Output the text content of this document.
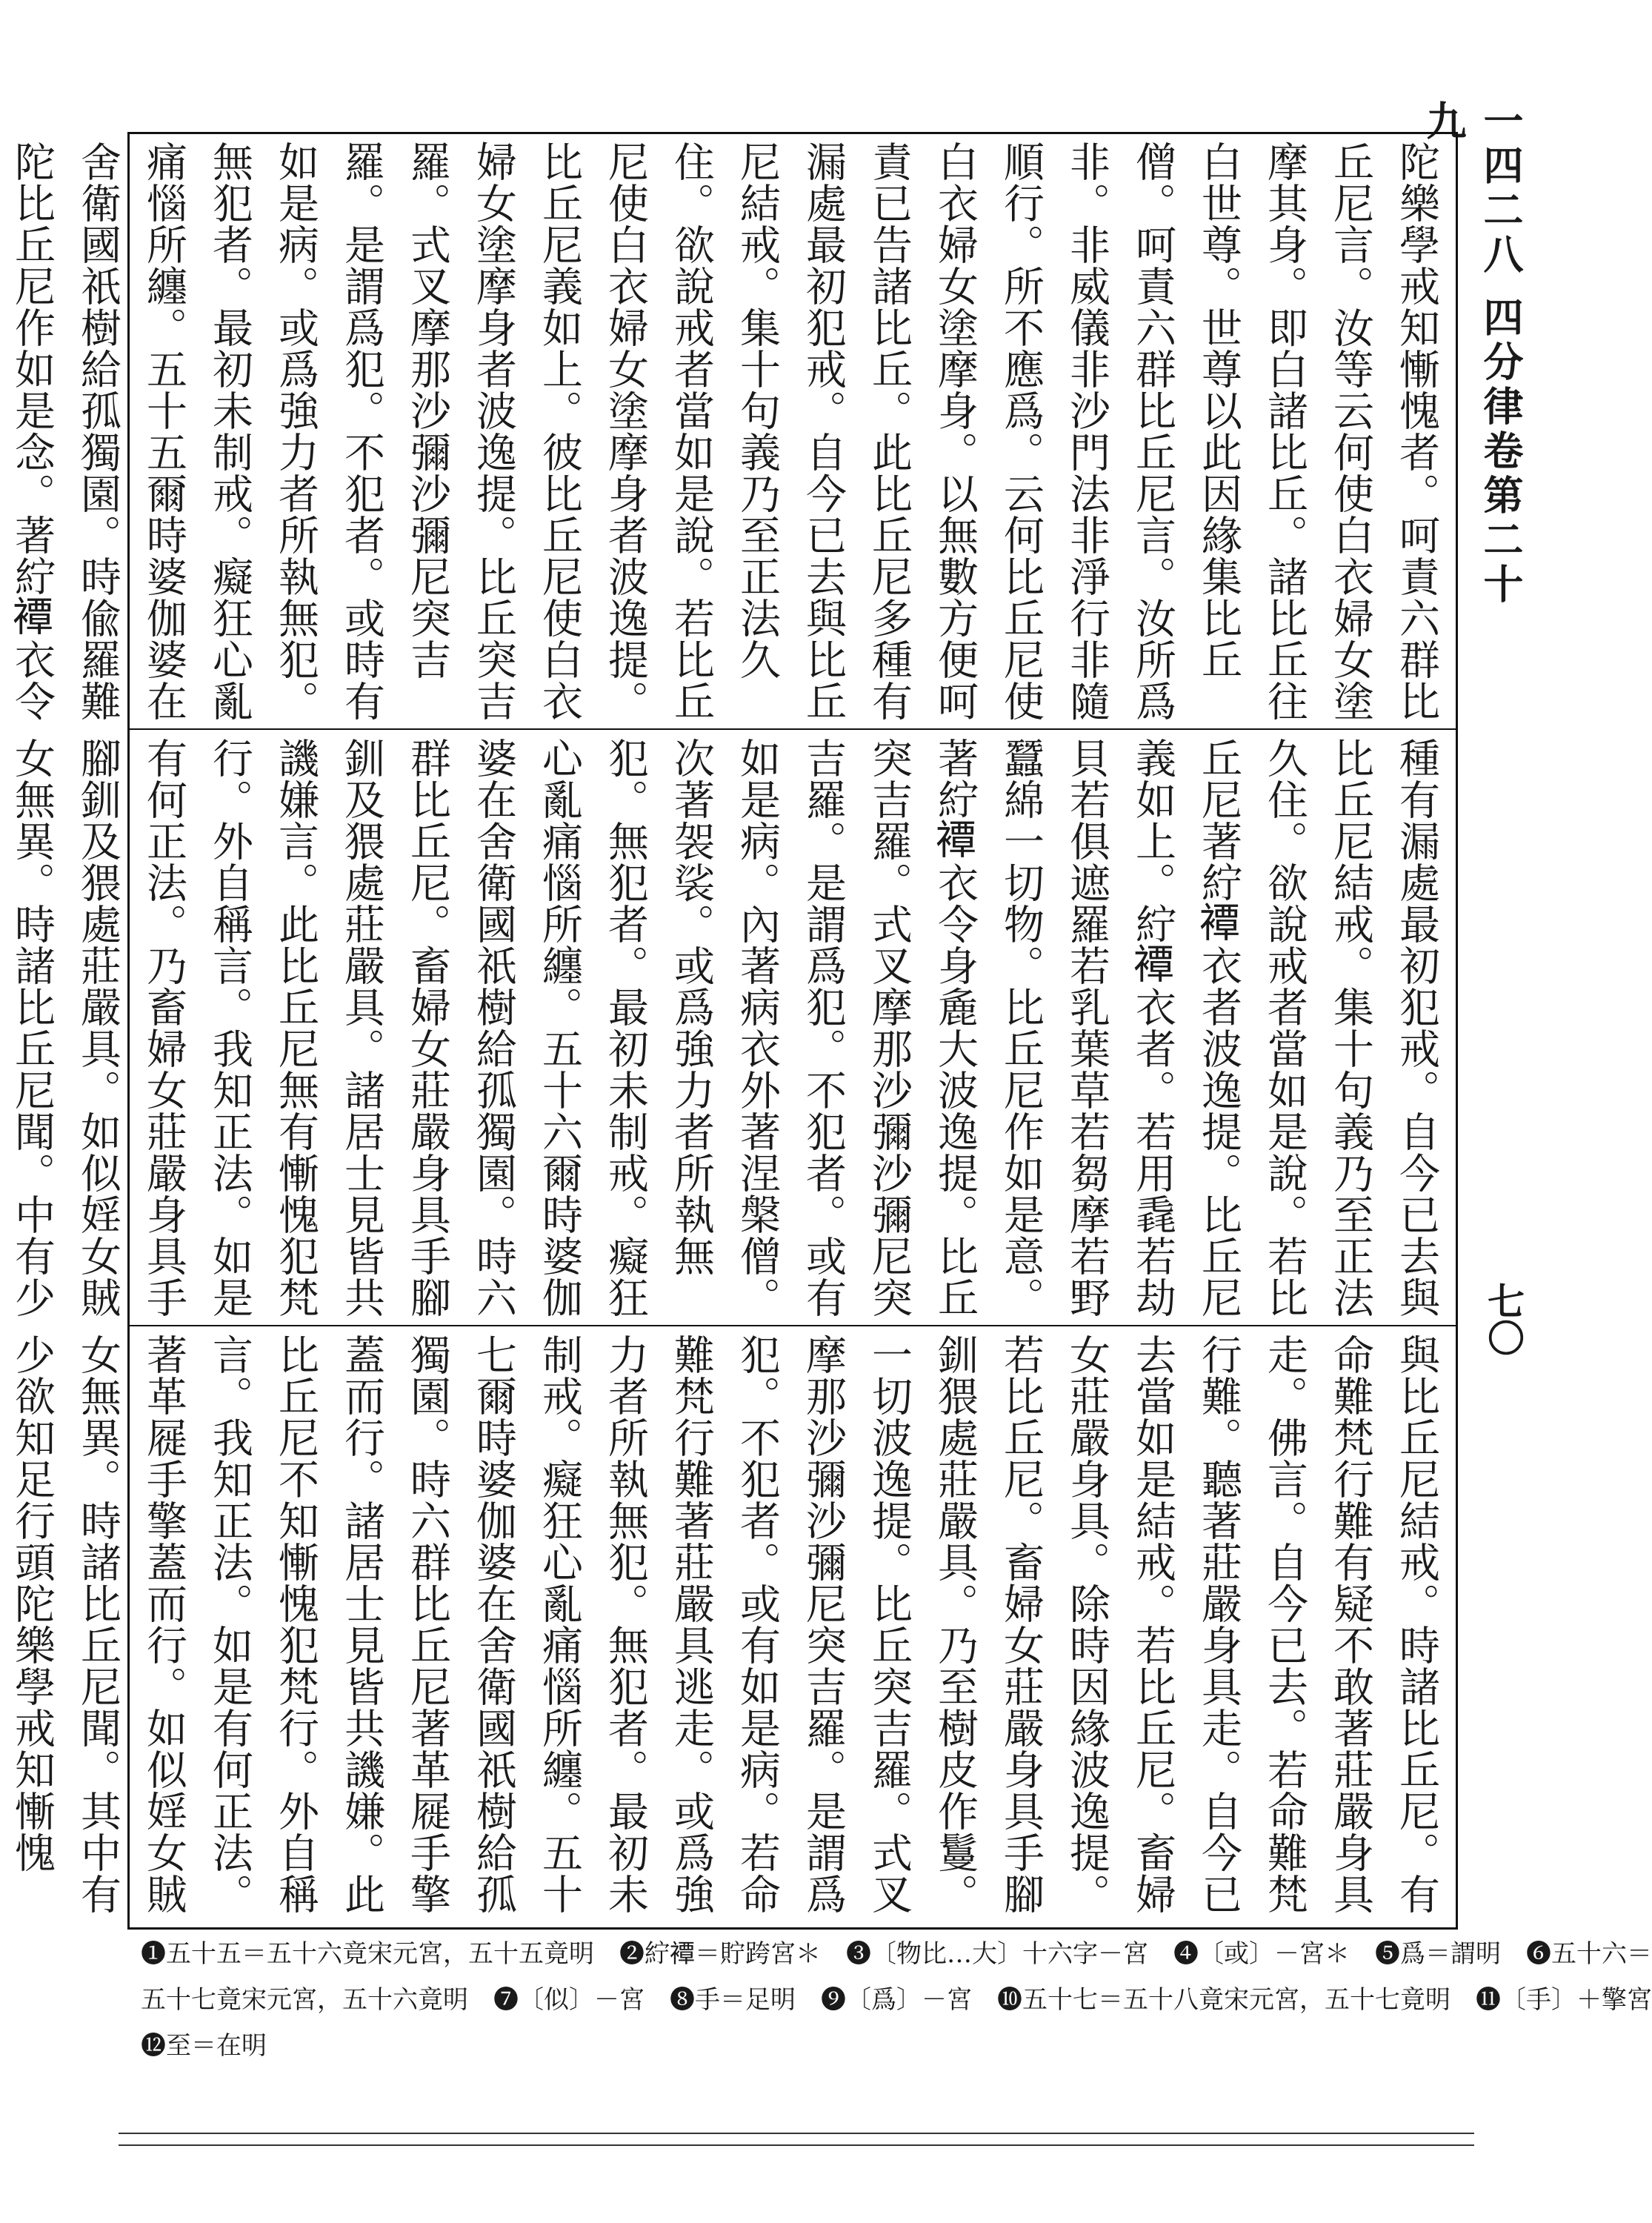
一四二八 四分律卷第二十九
七〇
陀樂學戒知慚愧者。呵責六群比丘尼言。汝等云何使白衣婦女塗摩其身。即白諸比丘。諸比丘往白世尊。世尊以此因緣集比丘僧。呵責六群比丘尼言。汝所爲非。非威儀非沙門法非淨行非隨順行。所不應爲。云何比丘尼使白衣婦女塗摩身。以無數方便呵責已告諸比丘。此比丘尼多種有漏處最初犯戒。自今已去與比丘尼結戒。集十句義乃至正法久住。欲說戒者當如是說。若比丘尼使白衣婦女塗摩身者波逸提。比丘尼義如上。彼比丘尼使白衣婦女塗摩身者波逸提。比丘突吉羅。式叉摩那沙彌沙彌尼突吉羅。是謂爲犯。不犯者。或時有如是病。或爲強力者所執無犯。無犯者。最初未制戒。癡狂心亂痛惱所纏。五十五爾時婆伽婆在舍衛國祇樹給孤獨園。時偸羅難陀比丘尼作如是念。著紵𧝓衣令
種有漏處最初犯戒。自今已去與比丘尼結戒。集十句義乃至正法久住。欲說戒者當如是說。若比丘尼著紵𧝓衣者波逸提。比丘尼義如上。紵𧝓衣者。若用毳若劫貝若俱遮羅若乳葉草若芻摩若野蠶綿一切物。比丘尼作如是意。著紵𧝓衣令身麁大波逸提。比丘突吉羅。式叉摩那沙彌沙彌尼突吉羅。是謂爲犯。不犯者。或有如是病。內著病衣外著涅槃僧。次著袈裟。或爲強力者所執無犯。無犯者。最初未制戒。癡狂心亂痛惱所纏。五十六爾時婆伽婆在舍衛國祇樹給孤獨園。時六群比丘尼。畜婦女莊嚴身具手腳釧及猥處莊嚴具。諸居士見皆共譏嫌言。此比丘尼無有慚愧犯梵行。外自稱言。我知正法。如是有何正法。乃畜婦女莊嚴身具手腳釧及猥處莊嚴具。如似婬女賊女無異。時諸比丘尼聞。中有少
與比丘尼結戒。時諸比丘尼。有命難梵行難有疑不敢著莊嚴身具走。佛言。自今已去。若命難梵行難。聽著莊嚴身具走。自今已去當如是結戒。若比丘尼。畜婦女莊嚴身具。除時因緣波逸提。若比丘尼。畜婦女莊嚴身具手腳釧猥處莊嚴具。乃至樹皮作鬘。一切波逸提。比丘突吉羅。式叉摩那沙彌沙彌尼突吉羅。是謂爲犯。不犯者。或有如是病。若命難梵行難著莊嚴具逃走。或爲強力者所執無犯。無犯者。最初未制戒。癡狂心亂痛惱所纏。五十七爾時婆伽婆在舍衛國祇樹給孤獨園。時六群比丘尼著革屣手擎蓋而行。諸居士見皆共譏嫌。此比丘尼不知慚愧犯梵行。外自稱言。我知正法。如是有何正法。著革屣手擎蓋而行。如似婬女賊女無異。時諸比丘尼聞。其中有少欲知足行頭陀樂學戒知慚愧
❶五十五＝五十六竟宋元宮，五十五竟明　❷紵𧝓＝貯跨宮＊　❸〔物比…大〕十六字－宮　❹〔或〕－宮＊　❺爲＝謂明　❻五十六＝
五十七竟宋元宮，五十六竟明　❼〔似〕－宮　❽手＝足明　❾〔爲〕－宮　❿五十七＝五十八竟宋元宮，五十七竟明　⓫〔手〕＋擎宮
⓬至＝在明
